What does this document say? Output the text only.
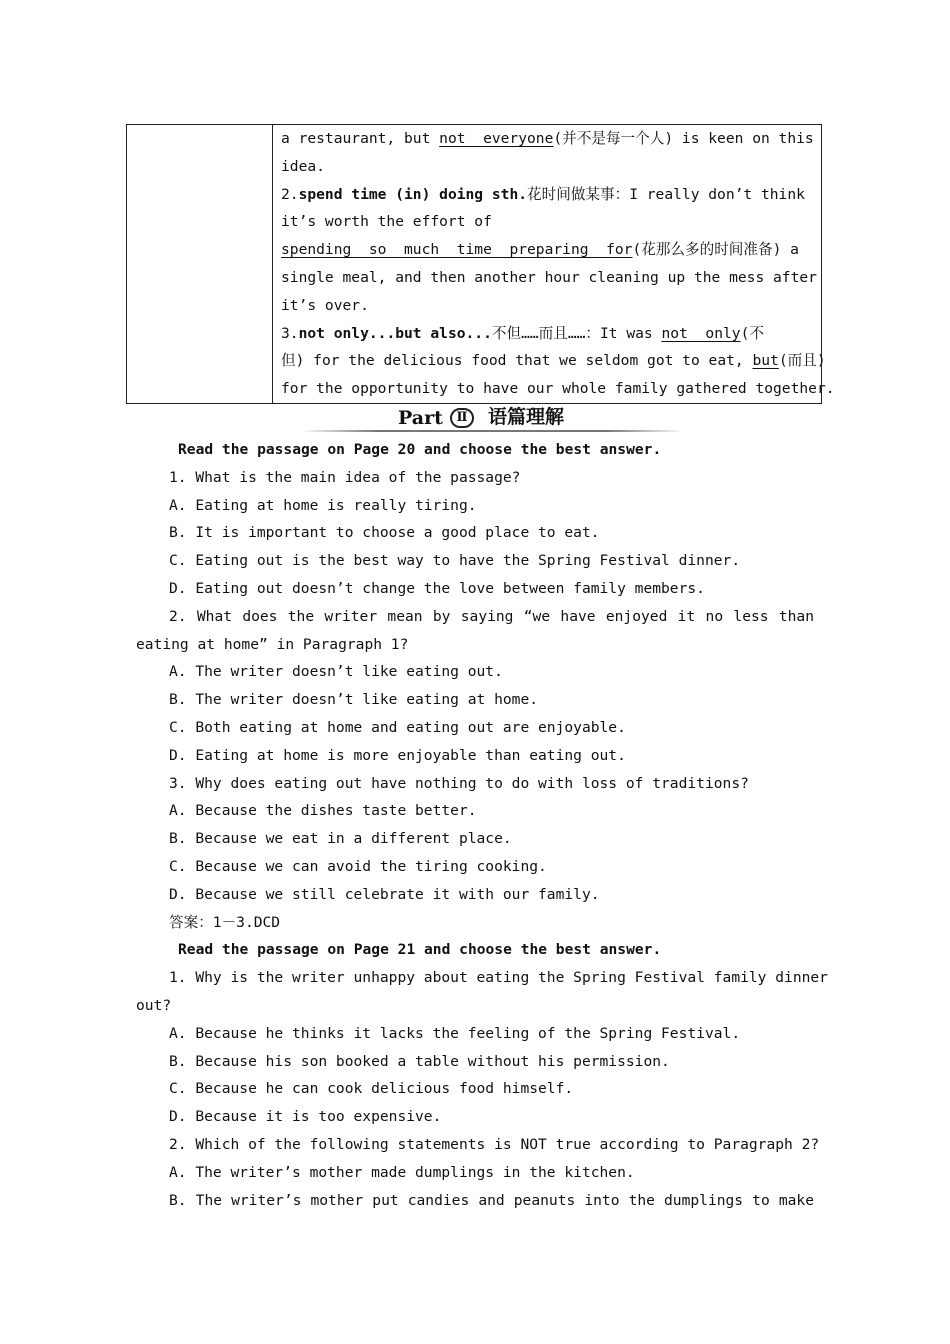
a restaurant, but not  everyone(并不是每一个人) is keen on this
idea.
2.spend time (in) doing sth.花时间做某事：I really don’t think
it’s worth the effort of
spending  so  much  time  preparing  for(花那么多的时间准备) a
single meal, and then another hour cleaning up the mess after
it’s over.
3.not only...but also...不但……而且……：It was not  only(不
但) for the delicious food that we seldom got to eat, but(而且)
for the opportunity to have our whole family gathered together.
Part	Ⅱ	语篇理解
Read the passage on Page 20 and choose the best answer.
1. What is the main idea of the passage?
A. Eating at home is really tiring.
B. It is important to choose a good place to eat.
C. Eating out is the best way to have the Spring Festival dinner.
D. Eating out doesn’t change the love between family members.
2. What does the writer mean by saying “we have enjoyed it no less than
eating at home” in Paragraph 1?
A. The writer doesn’t like eating out.
B. The writer doesn’t like eating at home.
C. Both eating at home and eating out are enjoyable.
D. Eating at home is more enjoyable than eating out.
3. Why does eating out have nothing to do with loss of traditions?
A. Because the dishes taste better.
B. Because we eat in a different place.
C. Because we can avoid the tiring cooking.
D. Because we still celebrate it with our family.
答案：1－3.DCD
Read the passage on Page 21 and choose the best answer.
1. Why is the writer unhappy about eating the Spring Festival family dinner
out?
A. Because he thinks it lacks the feeling of the Spring Festival.
B. Because his son booked a table without his permission.
C. Because he can cook delicious food himself.
D. Because it is too expensive.
2. Which of the following statements is NOT true according to Paragraph 2?
A. The writer’s mother made dumplings in the kitchen.
B. The writer’s mother put candies and peanuts into the dumplings to make
